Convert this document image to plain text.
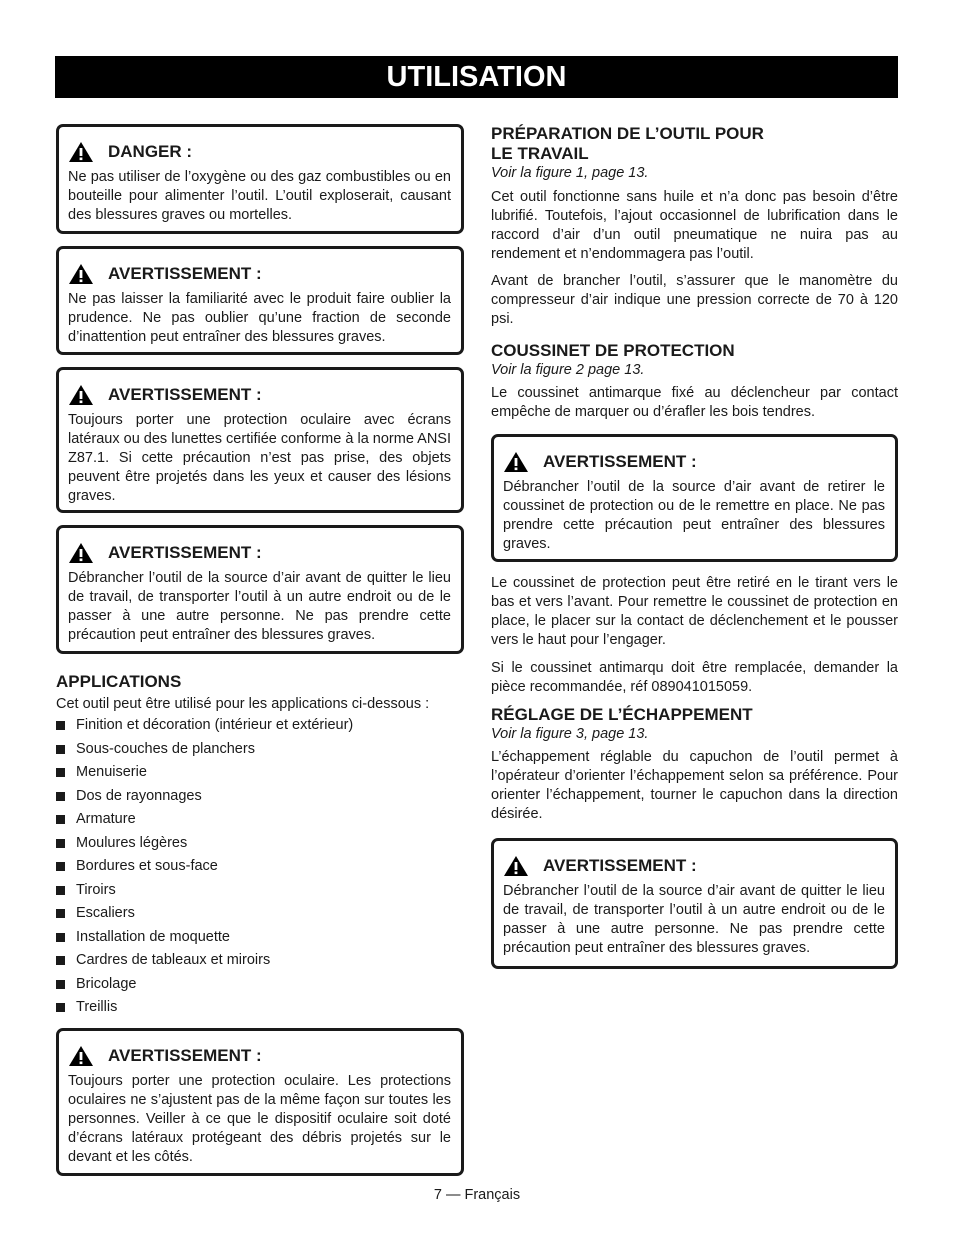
UTILISATION
DANGER :

Ne pas utiliser de l’oxygène ou des gaz combustibles ou en bouteille pour alimenter l’outil. L’outil exploserait, causant des blessures graves ou mortelles.

AVERTISSEMENT :

Ne pas laisser la familiarité avec le produit faire oublier la prudence. Ne pas oublier qu’une fraction de seconde d’inattention peut entraîner des blessures graves.

AVERTISSEMENT :

Toujours porter une protection oculaire avec écrans latéraux ou des lunettes certifiée conforme à la norme ANSI Z87.1. Si cette précaution n’est pas prise, des objets peuvent être projetés dans les yeux et causer des lésions graves.

AVERTISSEMENT :

Débrancher l’outil de la source d’air avant de quitter le lieu de travail, de transporter l’outil à un autre endroit ou de le passer à une autre personne. Ne pas prendre cette précaution peut entraîner des blessures graves.

APPLICATIONS

Cet outil peut être utilisé pour les applications ci-dessous :

Finition et décoration (intérieur et extérieur)
Sous-couches de planchers
Menuiserie
Dos de rayonnages
Armature
Moulures légères
Bordures et sous-face
Tiroirs
Escaliers
Installation de moquette
Cardres de tableaux et miroirs
Bricolage
Treillis
AVERTISSEMENT :

Toujours porter une protection oculaire. Les protections oculaires ne s’ajustent pas de la même façon sur toutes les personnes. Veiller à ce que le dispositif oculaire soit doté d’écrans latéraux protégeant des débris projetés sur le devant et les côtés.

PRÉPARATION DE L’OUTIL POUR
LE TRAVAIL

Voir la figure 1, page 13.

Cet outil fonctionne sans huile et n’a donc pas besoin d’être lubrifié. Toutefois, l’ajout occasionnel de lubrification dans le raccord d’air d’un outil pneumatique ne nuira pas au rendement et n’endommagera pas l’outil.

Avant de brancher l’outil, s’assurer que le manomètre du compresseur d’air indique une pression correcte de 70 à 120 psi.

COUSSINET DE PROTECTION

Voir la figure 2 page 13.

Le coussinet antimarque fixé au déclencheur par contact empêche de marquer ou d’érafler les bois tendres.

AVERTISSEMENT :

Débrancher l’outil de la source d’air avant de retirer le coussinet de protection ou de le remettre en place. Ne pas prendre cette précaution peut entraîner des blessures graves.

Le coussinet de protection peut être retiré en le tirant vers le bas et vers l’avant. Pour remettre le coussinet de protection en place, le placer sur la contact de déclenchement et le pousser vers le haut pour l’engager.

Si le coussinet antimarqu doit être remplacée, demander la pièce recommandée, réf 089041015059.

RÉGLAGE DE L’ÉCHAPPEMENT

Voir la figure 3, page 13.

L’échappement réglable du capuchon de l’outil permet à l’opérateur d’orienter l’échappement selon sa préférence. Pour orienter l’échappement, tourner le capuchon dans la direction désirée.

AVERTISSEMENT :

Débrancher l’outil de la source d’air avant de quitter le lieu de travail, de transporter l’outil à un autre endroit ou de le passer à une autre personne. Ne pas prendre cette précaution peut entraîner des blessures graves.

7 — Français
